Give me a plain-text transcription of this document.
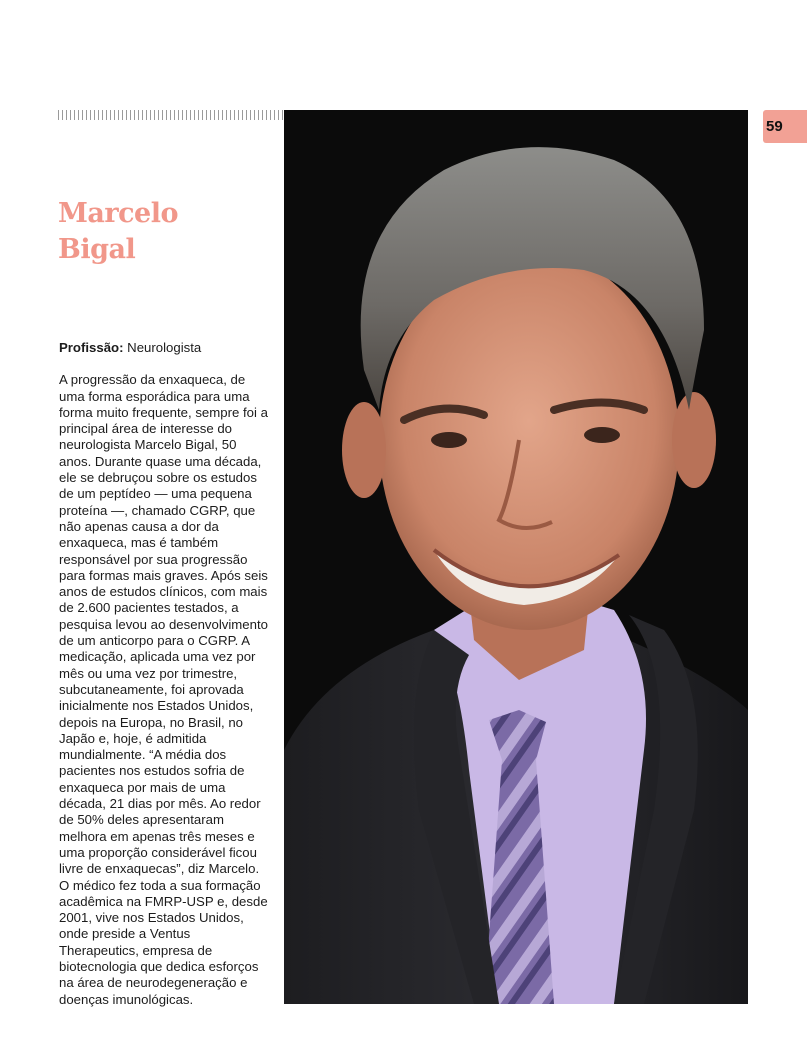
59
Marcelo
Bigal

Profissão: Neurologista

A progressão da enxaqueca, de uma forma esporádica para uma forma muito frequente, sempre foi a principal área de interesse do neurologista Marcelo Bigal, 50 anos. Durante quase uma década, ele se debruçou sobre os estudos de um peptídeo — uma pequena proteína —, chamado CGRP, que não apenas causa a dor da enxaqueca, mas é também responsável por sua progressão para formas mais graves. Após seis anos de estudos clínicos, com mais de 2.600 pacientes testados, a pesquisa levou ao desenvolvimento de um anticorpo para o CGRP. A medicação, aplicada uma vez por mês ou uma vez por trimestre, subcutaneamente, foi aprovada inicialmente nos Estados Unidos, depois na Europa, no Brasil, no Japão e, hoje, é admitida mundialmente. “A média dos pacientes nos estudos sofria de enxaqueca por mais de uma década, 21 dias por mês. Ao redor de 50% deles apresentaram melhora em apenas três meses e uma proporção considerável ficou livre de enxaquecas”, diz Marcelo. O médico fez toda a sua formação acadêmica na FMRP-USP e, desde 2001, vive nos Estados Unidos, onde preside a Ventus Therapeutics, empresa de biotecnologia que dedica esforços na área de neurodegeneração e doenças imunológicas.
